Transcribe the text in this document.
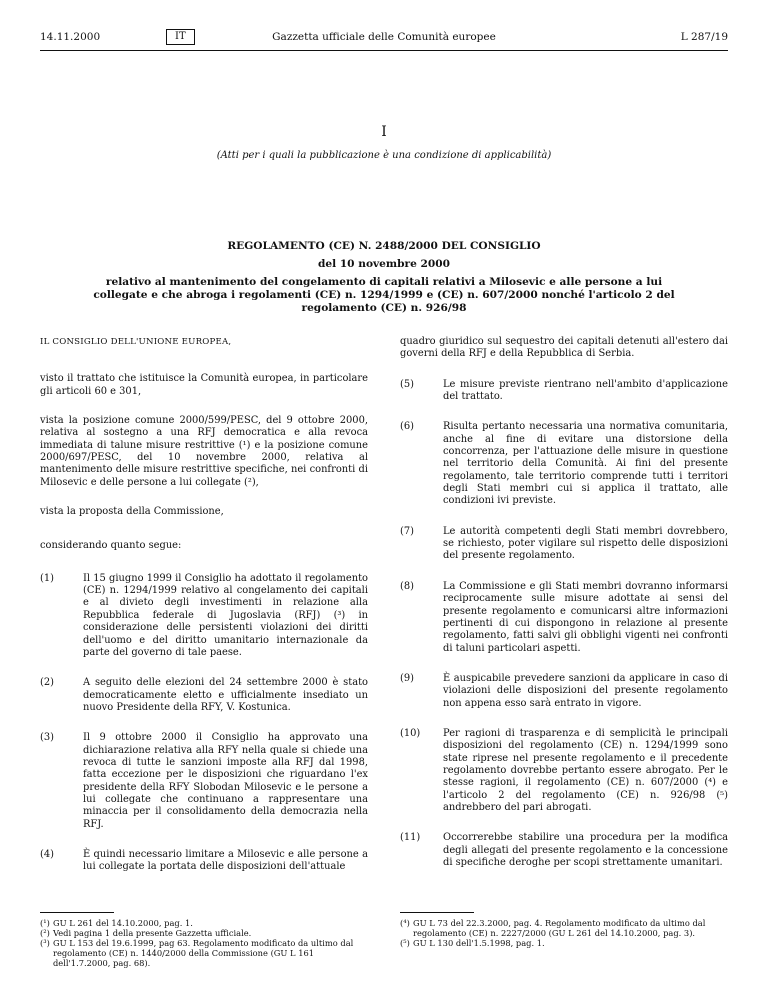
14.11.2000	IT	Gazzetta ufficiale delle Comunità europee	L 287/19
I
(Atti per i quali la pubblicazione è una condizione di applicabilità)
REGOLAMENTO (CE) N. 2488/2000 DEL CONSIGLIO
del 10 novembre 2000
relativo al mantenimento del congelamento di capitali relativi a Milosevic e alle persone a lui collegate e che abroga i regolamenti (CE) n. 1294/1999 e (CE) n. 607/2000 nonché l'articolo 2 del regolamento (CE) n. 926/98

IL CONSIGLIO DELL'UNIONE EUROPEA,

visto il trattato che istituisce la Comunità europea, in particolare gli articoli 60 e 301,

vista la posizione comune 2000/599/PESC, del 9 ottobre 2000, relativa al sostegno a una RFJ democratica e alla revoca immediata di talune misure restrittive (¹) e la posizione comune 2000/697/PESC, del 10 novembre 2000, relativa al mantenimento delle misure restrittive specifiche, nei confronti di Milosevic e delle persone a lui collegate (²),

vista la proposta della Commissione,

considerando quanto segue:

(1)	Il 15 giugno 1999 il Consiglio ha adottato il regolamento (CE) n. 1294/1999 relativo al congelamento dei capitali e al divieto degli investimenti in relazione alla Repubblica federale di Jugoslavia (RFJ) (³) in considerazione delle persistenti violazioni dei diritti dell'uomo e del diritto umanitario internazionale da parte del governo di tale paese.
(2)	A seguito delle elezioni del 24 settembre 2000 è stato democraticamente eletto e ufficialmente insediato un nuovo Presidente della RFY, V. Kostunica.
(3)	Il 9 ottobre 2000 il Consiglio ha approvato una dichiarazione relativa alla RFY nella quale si chiede una revoca di tutte le sanzioni imposte alla RFJ dal 1998, fatta eccezione per le disposizioni che riguardano l'ex presidente della RFY Slobodan Milosevic e le persone a lui collegate che continuano a rappresentare una minaccia per il consolidamento della democrazia nella RFJ.
(4)	È quindi necessario limitare a Milosevic e alle persone a lui collegate la portata delle disposizioni dell'attuale

quadro giuridico sul sequestro dei capitali detenuti all'estero dai governi della RFJ e della Repubblica di Serbia.

(5)	Le misure previste rientrano nell'ambito d'applicazione del trattato.
(6)	Risulta pertanto necessaria una normativa comunitaria, anche al fine di evitare una distorsione della concorrenza, per l'attuazione delle misure in questione nel territorio della Comunità. Ai fini del presente regolamento, tale territorio comprende tutti i territori degli Stati membri cui si applica il trattato, alle condizioni ivi previste.
(7)	Le autorità competenti degli Stati membri dovrebbero, se richiesto, poter vigilare sul rispetto delle disposizioni del presente regolamento.
(8)	La Commissione e gli Stati membri dovranno informarsi reciprocamente sulle misure adottate ai sensi del presente regolamento e comunicarsi altre informazioni pertinenti di cui dispongono in relazione al presente regolamento, fatti salvi gli obblighi vigenti nei confronti di taluni particolari aspetti.
(9)	È auspicabile prevedere sanzioni da applicare in caso di violazioni delle disposizioni del presente regolamento non appena esso sarà entrato in vigore.
(10)	Per ragioni di trasparenza e di semplicità le principali disposizioni del regolamento (CE) n. 1294/1999 sono state riprese nel presente regolamento e il precedente regolamento dovrebbe pertanto essere abrogato. Per le stesse ragioni, il regolamento (CE) n. 607/2000 (⁴) e l'articolo 2 del regolamento (CE) n. 926/98 (⁵) andrebbero del pari abrogati.
(11)	Occorrerebbe stabilire una procedura per la modifica degli allegati del presente regolamento e la concessione di specifiche deroghe per scopi strettamente umanitari.
(¹) GU L 261 del 14.10.2000, pag. 1.
(²) Vedi pagina 1 della presente Gazzetta ufficiale.
(³) GU L 153 del 19.6.1999, pag 63. Regolamento modificato da ultimo dal regolamento (CE) n. 1440/2000 della Commissione (GU L 161 dell'1.7.2000, pag. 68).
(⁴) GU L 73 del 22.3.2000, pag. 4. Regolamento modificato da ultimo dal regolamento (CE) n. 2227/2000 (GU L 261 del 14.10.2000, pag. 3).
(⁵) GU L 130 dell'1.5.1998, pag. 1.
